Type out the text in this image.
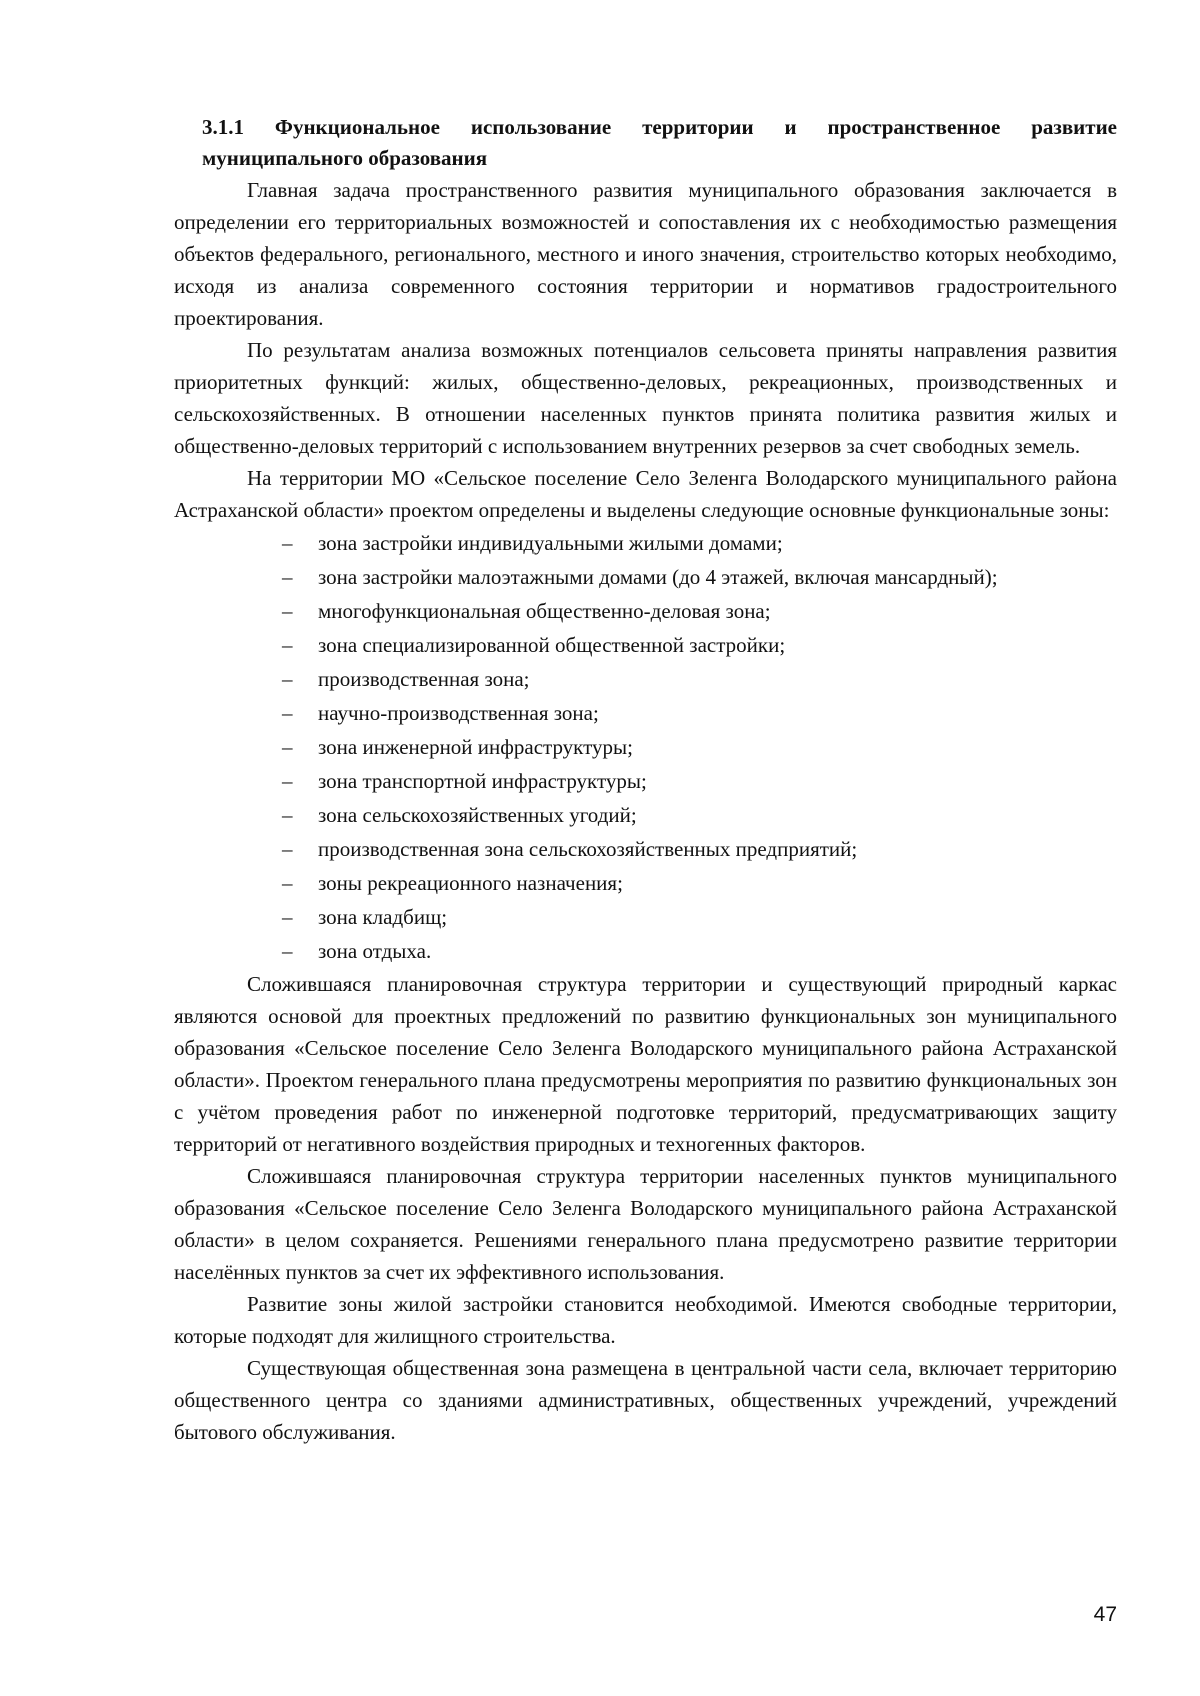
3.1.1 Функциональное использование территории и пространственное развитие муниципального образования

Главная задача пространственного развития муниципального образования заключается в определении его территориальных возможностей и сопоставления их с необходимостью размещения объектов федерального, регионального, местного и иного значения, строительство которых необходимо, исходя из анализа современного состояния территории и нормативов градостроительного проектирования.

По результатам анализа возможных потенциалов сельсовета приняты направления развития приоритетных функций: жилых, общественно-деловых, рекреационных, производственных и сельскохозяйственных. В отношении населенных пунктов принята политика развития жилых и общественно-деловых территорий с использованием внутренних резервов за счет свободных земель.

На территории МО «Сельское поселение Село Зеленга Володарского муниципального района Астраханской области» проектом определены и выделены следующие основные функциональные зоны:

– зона застройки индивидуальными жилыми домами;
– зона застройки малоэтажными домами (до 4 этажей, включая мансардный);
– многофункциональная общественно-деловая зона;
– зона специализированной общественной застройки;
– производственная зона;
– научно-производственная зона;
– зона инженерной инфраструктуры;
– зона транспортной инфраструктуры;
– зона сельскохозяйственных угодий;
– производственная зона сельскохозяйственных предприятий;
– зоны рекреационного назначения;
– зона кладбищ;
– зона отдыха.

Сложившаяся планировочная структура территории и существующий природный каркас являются основой для проектных предложений по развитию функциональных зон муниципального образования «Сельское поселение Село Зеленга Володарского муниципального района Астраханской области». Проектом генерального плана предусмотрены мероприятия по развитию функциональных зон с учётом проведения работ по инженерной подготовке территорий, предусматривающих защиту территорий от негативного воздействия природных и техногенных факторов.

Сложившаяся планировочная структура территории населенных пунктов муниципального образования «Сельское поселение Село Зеленга Володарского муниципального района Астраханской области» в целом сохраняется. Решениями генерального плана предусмотрено развитие территории населённых пунктов за счет их эффективного использования.

Развитие зоны жилой застройки становится необходимой. Имеются свободные территории, которые подходят для жилищного строительства.

Существующая общественная зона размещена в центральной части села, включает территорию общественного центра со зданиями административных, общественных учреждений, учреждений бытового обслуживания.

47
